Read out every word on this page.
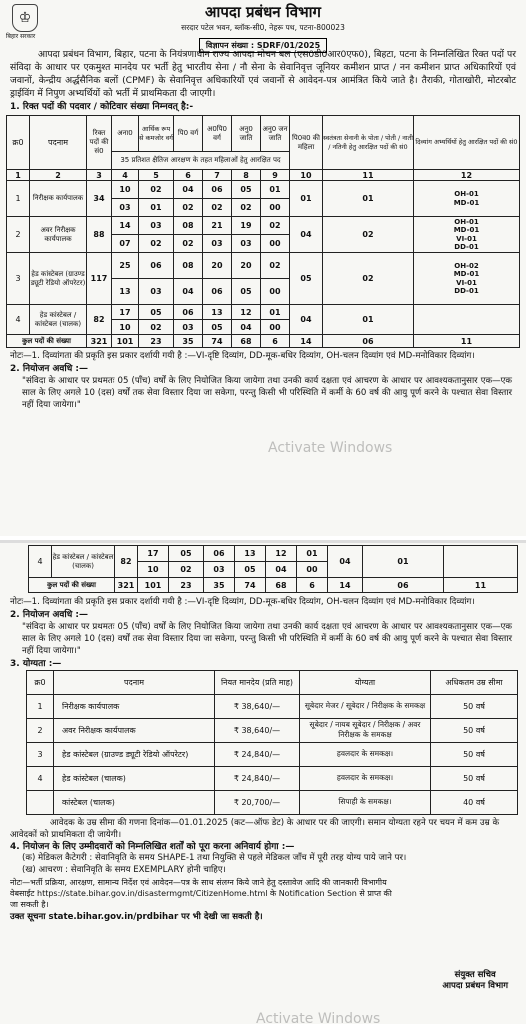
♔
बिहार सरकार
आपदा प्रबंधन विभाग
सरदार पटेल भवन, ब्लॉक-सी0, नेहरू पथ, पटना-800023
विज्ञापन संख्या : SDRF/01/2025
आपदा प्रबंधन विभाग, बिहार, पटना के नियंत्रणाधीन राज्य आपदा मोचन बल (एस0डी0आर0एफ0), बिहटा, पटना के निम्नलिखित रिक्त पदों पर संविदा के आधार पर एकमुश्त मानदेय पर भर्ती हेतु भारतीय सेना / नौ सेना के सेवानिवृत्त जूनियर कमीशन प्राप्त / नन कमीशन प्राप्त अधिकारियों एवं जवानों, केन्द्रीय अर्द्धसैनिक बलों (CPMF) के सेवानिवृत्त अधिकारियों एवं जवानों से आवेदन-पत्र आमंत्रित किये जाते है। तैराकी, गोताखोरी, मोटरबोट ड्राईविंग में निपुण अभ्यर्थियों को भर्ती में प्राथमिकता दी जाएगी।
1. रिक्त पदों की पदवार / कोटिवार संख्या निम्नवत् है:-
क्र0	पदनाम	रिक्त पदों की सं0	अना0	आर्थिक रूप से कमजोर वर्ग	पि0 वर्ग	अ0पि0 वर्ग	अनु0 जाति	अनु0 जन जाति	पि0व0 की महिला	स्वतंत्रता सेनानी के पोता / पोती / नाती / नतिनी हेतु आरक्षित पदों की सं0	दिव्यांग अभ्यर्थियों हेतु आरक्षित पदों की सं0
			35 प्रतिशत क्षैतिज आरक्षण के तहत महिलाओं हेतु आरक्षित पद								
1	2	3	4	5	6	7	8	9	10	11	12
1	निरीक्षक कार्यपालक	34	10	02	04	06	05	01	01	01	OH-01
MD-01

			03	01	02	02	02	00			
2	अवर निरीक्षक कार्यपालक	88	14	03	08	21	19	02	04	02	OH-01
MD-01
VI-01
DD-01

			07	02	02	03	03	00			
3	हेड कांस्टेबल (ग्राउण्ड ड्यूटी रेडियो ऑपरेटर)	117	25	06	08	20	20	02	05	02	OH-02
MD-01
VI-01
DD-01

			13	03	04	06	05	00			
4	हेड कांस्टेबल / कांस्टेबल (चालक)	82	17	05	06	13	12	01	04	01	
			10	02	03	05	04	00			
कुल पदों की संख्या		321	101	23	35	74	68	6	14	06	11
नोटः—1. दिव्यांगता की प्रकृति इस प्रकार दर्शायी गयी है :—VI-दृष्टि दिव्यांग, DD-मूक-बधिर दिव्यांग, OH-चलन दिव्यांग एवं MD-मनोविकार दिव्यांग।
2. नियोजन अवधि :—
"संविदा के आधार पर प्रथमतः 05 (पाँच) वर्षों के लिए नियोजित किया जायेगा तथा उनकी कार्य दक्षता एवं आचरण के आधार पर आवश्यकतानुसार एक—एक साल के लिए अगले 10 (दस) वर्षों तक सेवा विस्तार दिया जा सकेगा, परन्तु किसी भी परिस्थिति में कर्मी के 60 वर्ष की आयु पूर्ण करने के पश्चात सेवा विस्तार नहीं दिया जायेगा।"
Activate Windows
4	हेड कांस्टेबल / कांस्टेबल (चालक)	82	17	05	06	13	12	01	04	01	
			10	02	03	05	04	00			
कुल पदों की संख्या		321	101	23	35	74	68	6	14	06	11
नोटः—1. दिव्यांगता की प्रकृति इस प्रकार दर्शायी गयी है :—VI-दृष्टि दिव्यांग, DD-मूक-बधिर दिव्यांग, OH-चलन दिव्यांग एवं MD-मनोविकार दिव्यांग।
2. नियोजन अवधि :—
"संविदा के आधार पर प्रथमतः 05 (पाँच) वर्षों के लिए नियोजित किया जायेगा तथा उनकी कार्य दक्षता एवं आचरण के आधार पर आवश्यकतानुसार एक—एक साल के लिए अगले 10 (दस) वर्षों तक सेवा विस्तार दिया जा सकेगा, परन्तु किसी भी परिस्थिति में कर्मी के 60 वर्ष की आयु पूर्ण करने के पश्चात सेवा विस्तार नहीं दिया जायेगा।"
3. योग्यता :—
क्र0	पदनाम	नियत मानदेय (प्रति माह)	योग्यता	अधिकतम उम्र सीमा
1	निरीक्षक कार्यपालक	₹ 38,640/—	सूबेदार मेजर / सूबेदार / निरीक्षक के समकक्ष	50 वर्ष
2	अवर निरीक्षक कार्यपालक	₹ 38,640/—	सूबेदार / नायब सूबेदार / निरीक्षक / अवर निरीक्षक के समकक्ष	50 वर्ष
3	हेड कांस्टेबल (ग्राउण्ड ड्यूटी रेडियो ऑपरेटर)	₹ 24,840/—	हवलदार के समकक्ष।	50 वर्ष
4	हेड कांस्टेबल (चालक)	₹ 24,840/—	हवलदार के समकक्ष।	50 वर्ष
	कांस्टेबल (चालक)	₹ 20,700/—	सिपाही के समकक्ष।	40 वर्ष
आवेदक के उम्र सीमा की गणना दिनांक—01.01.2025 (कट—ऑफ डेट) के आधार पर की जाएगी। समान योग्यता रहने पर चयन में कम उम्र के आवेदकों को प्राथमिकता दी जायेगी।
4. नियोजन के लिए उम्मीदवारों को निम्नलिखित शर्तों को पूरा करना अनिवार्य होगा :—
(क) मेडिकल कैटेगरी : सेवानिवृति के समय SHAPE-1 तथा नियुक्ति से पहले मेडिकल जाँच में पूरी तरह योग्य पाये जाने पर।
(ख) आचरण : सेवानिवृति के समय EXEMPLARY होनी चाहिए।
नोटः—भर्ती प्रक्रिया, आरक्षण, सामान्य निर्देश एवं आवेदन—पत्र के साथ संलग्न किये जाने हेतु दस्तावेज आदि की जानकारी विभागीय वेबसाईट https://state.bihar.gov.in/disastermgmt/CitizenHome.html के Notification Section से प्राप्त की जा सकती है।
उक्त सूचना state.bihar.gov.in/prdbihar पर भी देखी जा सकती है।
संयुक्त सचिव
आपदा प्रबंधन विभाग
Activate Windows
